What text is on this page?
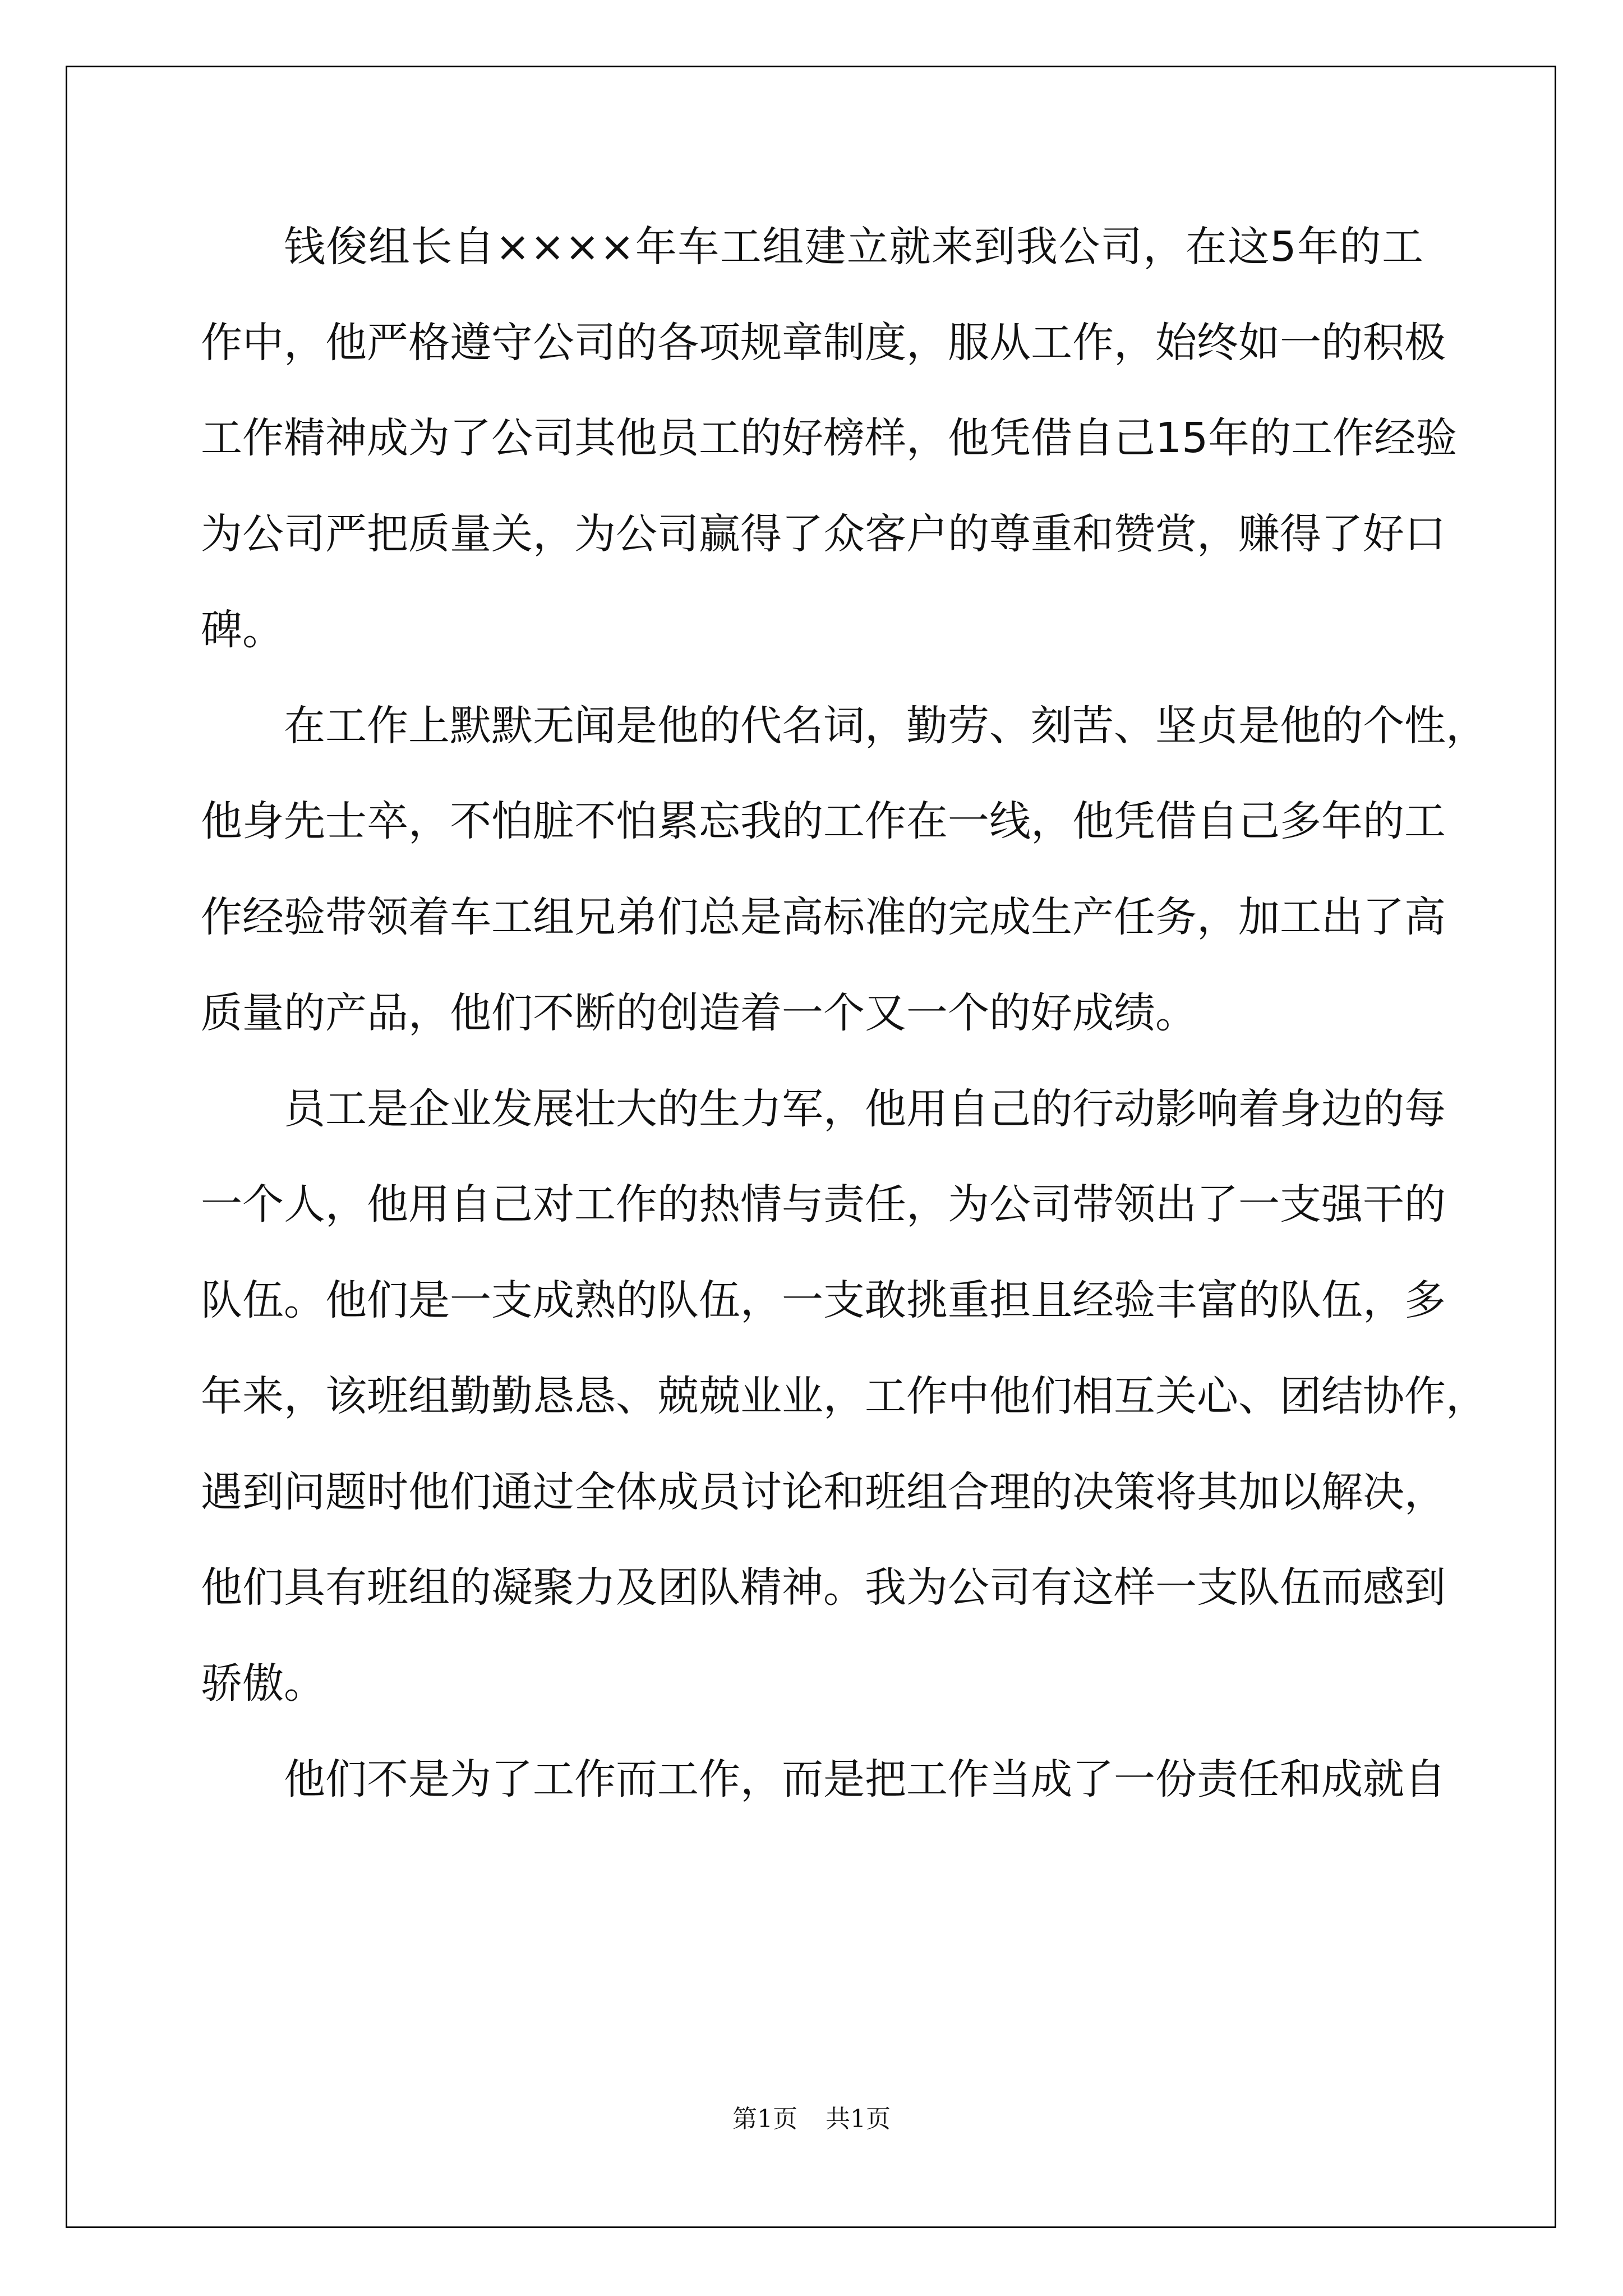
钱俊组长自××××年车工组建立就来到我公司，在这5年的工
作中，他严格遵守公司的各项规章制度，服从工作，始终如一的积极
工作精神成为了公司其他员工的好榜样，他凭借自己15年的工作经验
为公司严把质量关，为公司赢得了众客户的尊重和赞赏，赚得了好口
碑。
在工作上默默无闻是他的代名词，勤劳、刻苦、坚贞是他的个性，
他身先士卒，不怕脏不怕累忘我的工作在一线，他凭借自己多年的工
作经验带领着车工组兄弟们总是高标准的完成生产任务，加工出了高
质量的产品，他们不断的创造着一个又一个的好成绩。
员工是企业发展壮大的生力军，他用自己的行动影响着身边的每
一个人，他用自己对工作的热情与责任，为公司带领出了一支强干的
队伍。他们是一支成熟的队伍，一支敢挑重担且经验丰富的队伍，多
年来，该班组勤勤恳恳、兢兢业业，工作中他们相互关心、团结协作，
遇到问题时他们通过全体成员讨论和班组合理的决策将其加以解决，
他们具有班组的凝聚力及团队精神。我为公司有这样一支队伍而感到
骄傲。
他们不是为了工作而工作，而是把工作当成了一份责任和成就自
第1页 共1页
